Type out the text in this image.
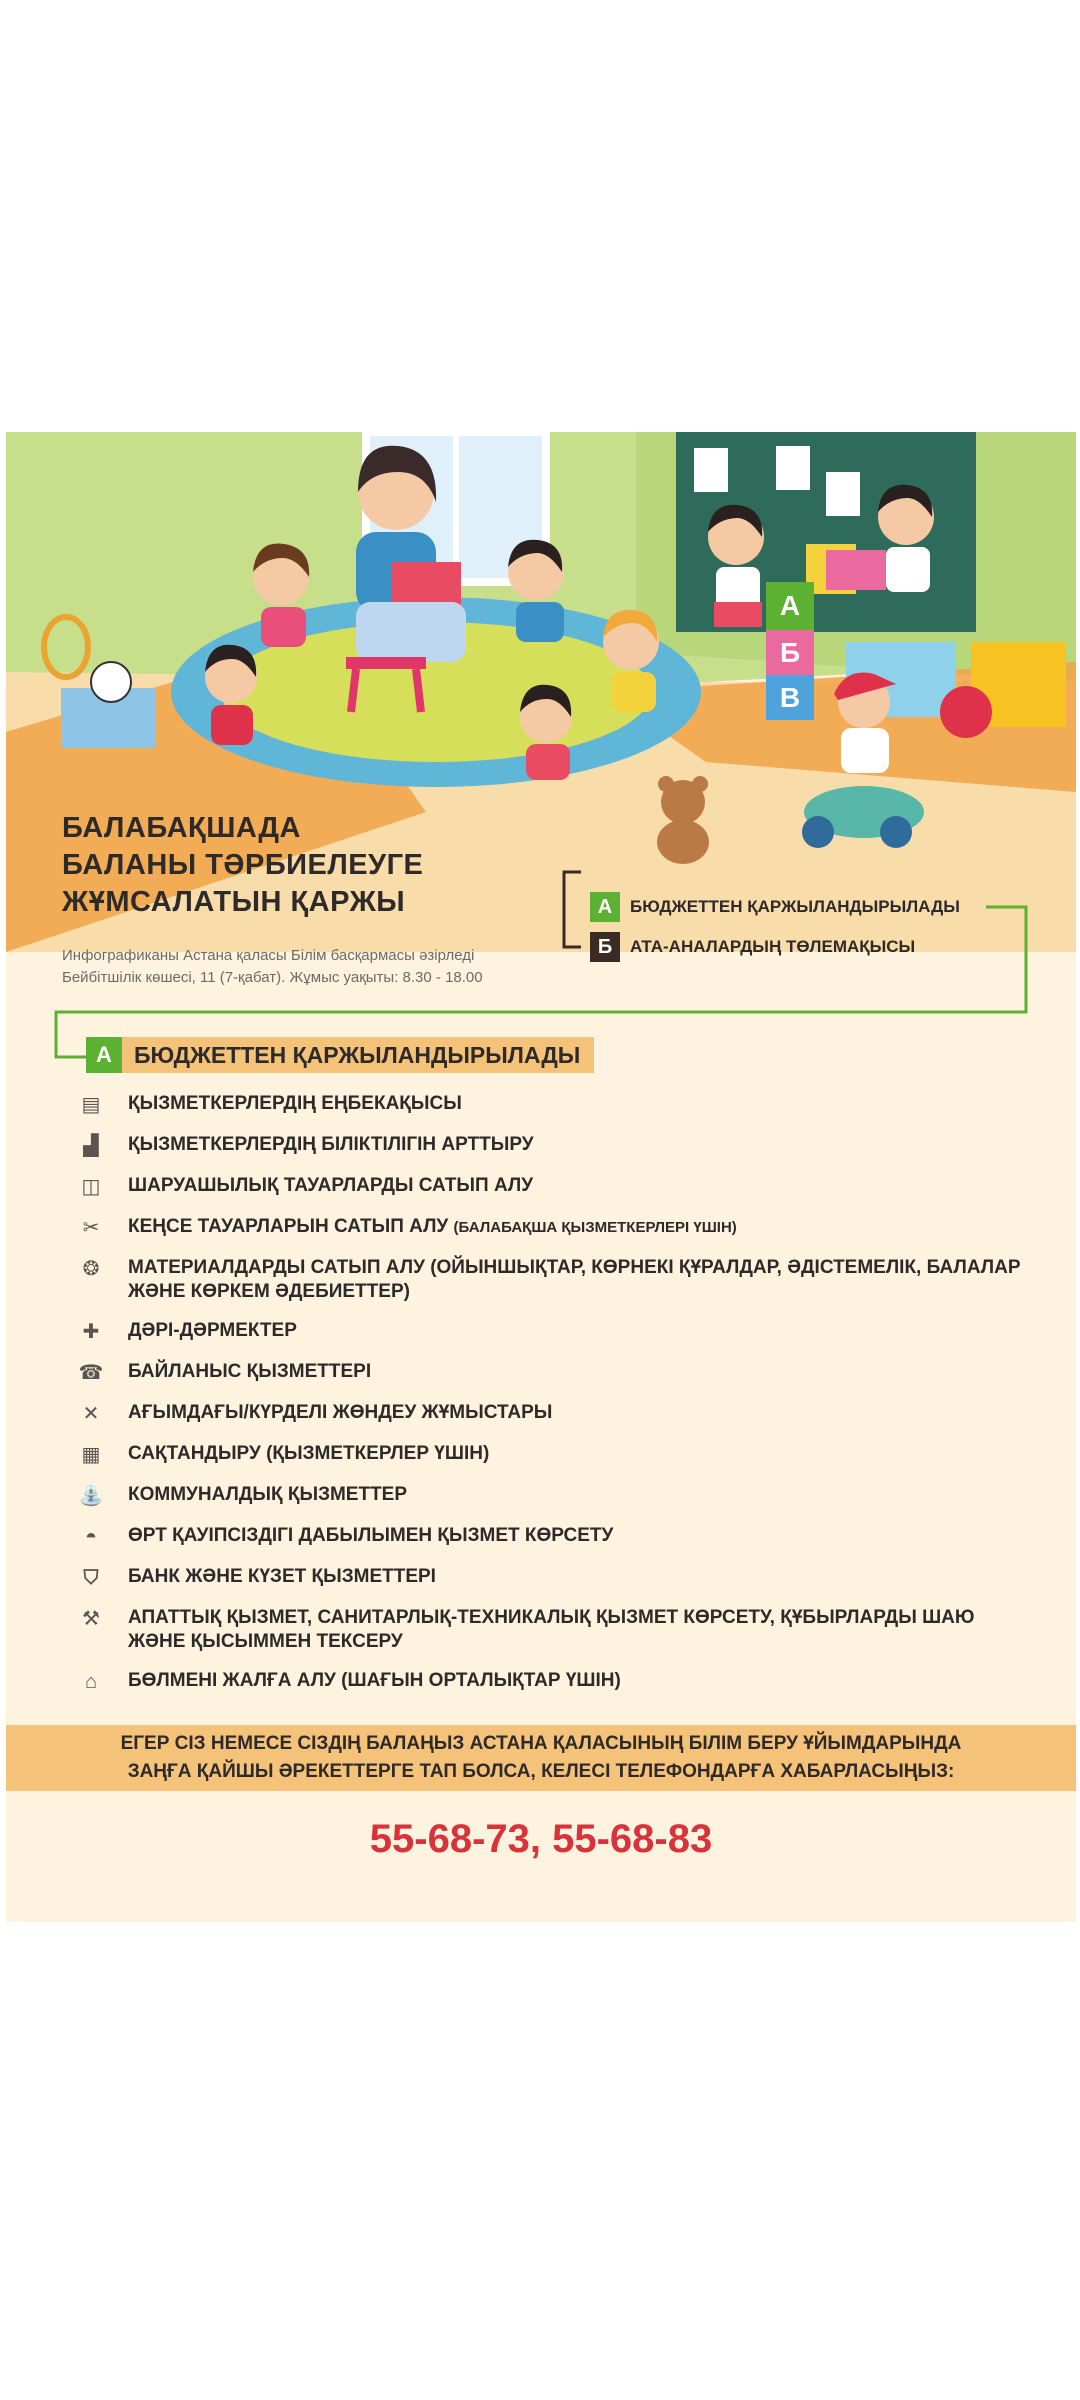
А
Б
В
БАЛАБАҚШАДА
БАЛАНЫ ТӘРБИЕЛЕУГЕ
ЖҰМСАЛАТЫН ҚАРЖЫ
Инфографиканы Астана қаласы Білім басқармасы әзірледі
Бейбітшілік көшесі, 11 (7-қабат). Жұмыс уақыты: 8.30 - 18.00
А	БЮДЖЕТТЕН ҚАРЖЫЛАНДЫРЫЛАДЫ
Б	АТА-АНАЛАРДЫҢ ТӨЛЕМАҚЫСЫ
А БЮДЖЕТТЕН ҚАРЖЫЛАНДЫРЫЛАДЫ
▤ ҚЫЗМЕТКЕРЛЕРДІҢ ЕҢБЕКАҚЫСЫ
▟ ҚЫЗМЕТКЕРЛЕРДІҢ БІЛІКТІЛІГІН АРТТЫРУ
◫ ШАРУАШЫЛЫҚ ТАУАРЛАРДЫ САТЫП АЛУ
✂ КЕҢСЕ ТАУАРЛАРЫН САТЫП АЛУ (БАЛАБАҚША ҚЫЗМЕТКЕРЛЕРІ ҮШІН)
❂ МАТЕРИАЛДАРДЫ САТЫП АЛУ (ОЙЫНШЫҚТАР, КӨРНЕКІ ҚҰРАЛДАР, ӘДІСТЕМЕЛІК, БАЛАЛАР ЖӘНЕ КӨРКЕМ ӘДЕБИЕТТЕР)
✚ ДӘРІ-ДӘРМЕКТЕР
☎ БАЙЛАНЫС ҚЫЗМЕТТЕРІ
✕ АҒЫМДАҒЫ/КҮРДЕЛІ ЖӨНДЕУ ЖҰМЫСТАРЫ
▦ САҚТАНДЫРУ (ҚЫЗМЕТКЕРЛЕР ҮШІН)
⛲ КОММУНАЛДЫҚ ҚЫЗМЕТТЕР
◓	ӨРТ ҚАУІПСІЗДІГІ ДАБЫЛЫМЕН ҚЫЗМЕТ КӨРСЕТУ
⛉ БАНК ЖӘНЕ КҮЗЕТ ҚЫЗМЕТТЕРІ
⚒ АПАТТЫҚ ҚЫЗМЕТ, САНИТАРЛЫҚ-ТЕХНИКАЛЫҚ ҚЫЗМЕТ КӨРСЕТУ, ҚҰБЫРЛАРДЫ ШАЮ ЖӘНЕ ҚЫСЫММЕН ТЕКСЕРУ
⌂	БӨЛМЕНІ ЖАЛҒА АЛУ (ШАҒЫН ОРТАЛЫҚТАР ҮШІН)
ЕГЕР СІЗ НЕМЕСЕ СІЗДІҢ БАЛАҢЫЗ АСТАНА ҚАЛАСЫНЫҢ БІЛІМ БЕРУ ҰЙЫМДАРЫНДА
ЗАҢҒА ҚАЙШЫ ӘРЕКЕТТЕРГЕ ТАП БОЛСА, КЕЛЕСІ ТЕЛЕФОНДАРҒА ХАБАРЛАСЫҢЫЗ:
55-68-73, 55-68-83
